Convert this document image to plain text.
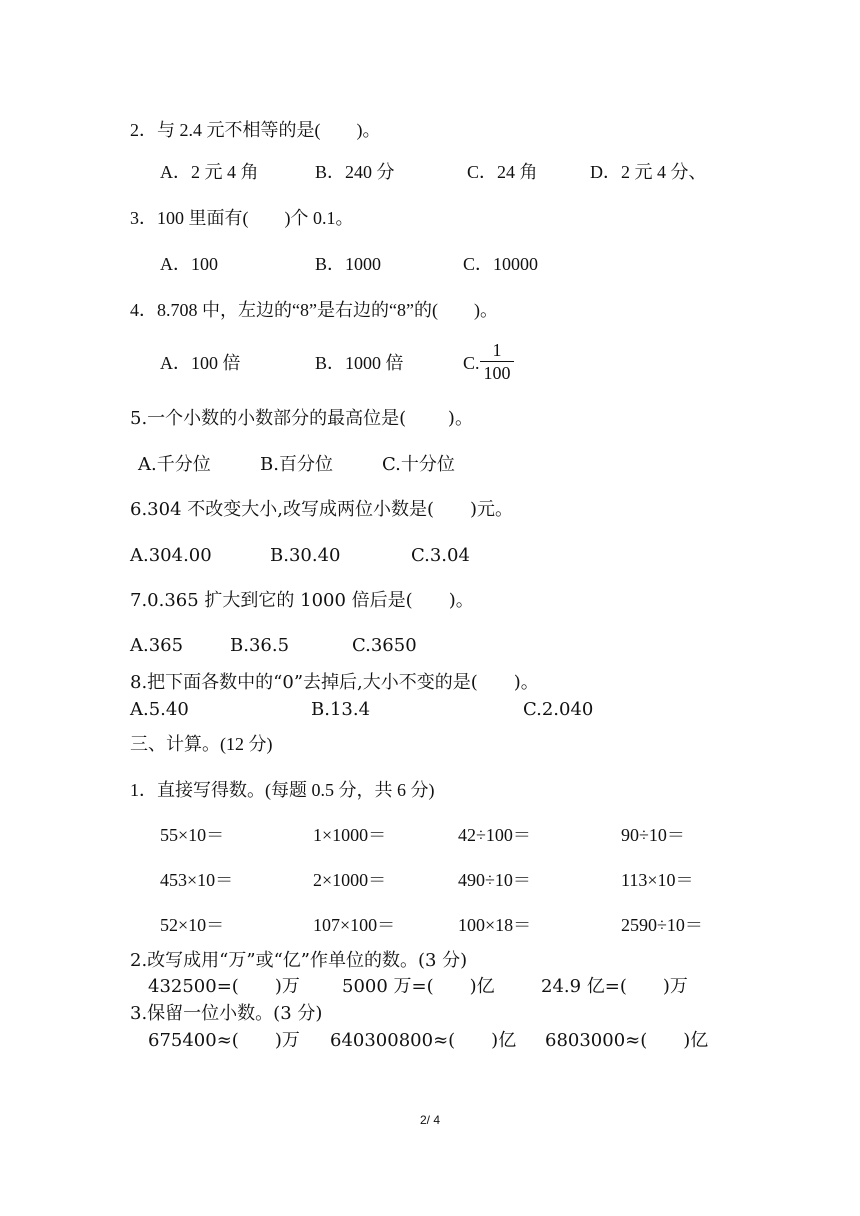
2．与 2.4 元不相等的是(　　)。
A．2 元 4 角	B．240 分	C．24 角	D．2 元 4 分、
3．100 里面有(　　)个 0.1。
A．100	B．1000	C．10000
4．8.708 中，左边的“8”是右边的“8”的(　　)。
A．100 倍	B．1000 倍	C. $\frac{1}{100}$
5.一个小数的小数部分的最高位是(　　 )。
A.千分位	B.百分位	C.十分位
6.304 不改变大小,改写成两位小数是(　　)元。
A.304.00	B.30.40	C.3.04
7.0.365 扩大到它的 1000 倍后是(　　)。
A.365	B.36.5	C.3650
8.把下面各数中的“0”去掉后,大小不变的是(　　)。
A.5.40	B.13.4	C.2.040
三、计算。(12 分)
1．直接写得数。(每题 0.5 分，共 6 分)
55×10＝	1×1000＝	42÷100＝	90÷10＝
453×10＝	2×1000＝	490÷10＝	113×10＝
52×10＝	107×100＝	100×18＝	2590÷10＝
2.改写成用“万”或“亿”作单位的数。(3 分)
432500=(　　)万 5000 万=(　　)亿	24.9 亿=(　　)万
3.保留一位小数。(3 分)
675400≈(　　)万 640300800≈(　　)亿 6803000≈(　　)亿
2/ 4
